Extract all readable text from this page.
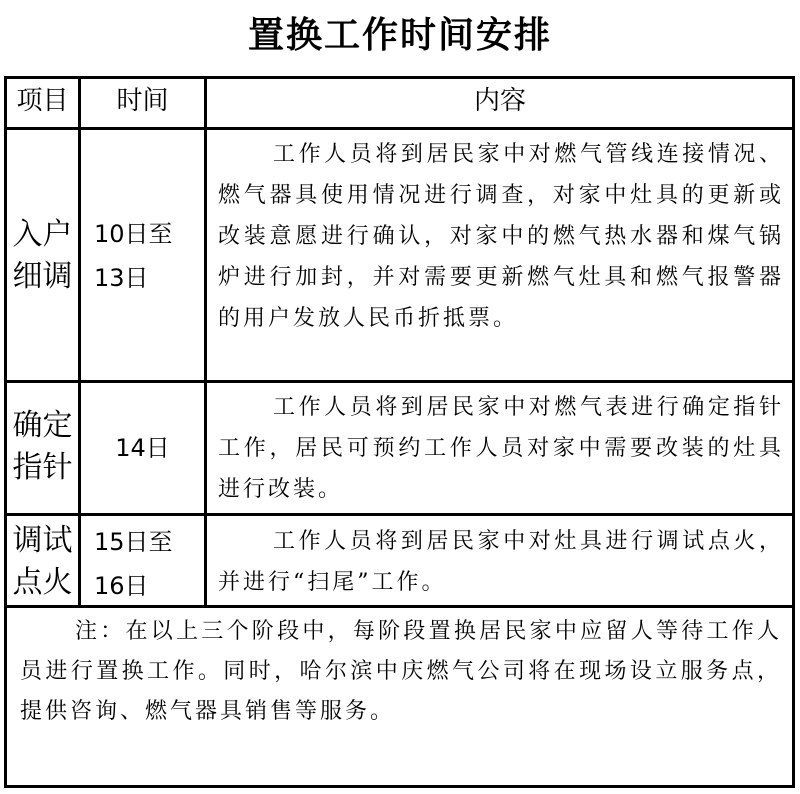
置换工作时间安排
项目	时间	内容
入户
细调
10日至
13日
工作人员将到居民家中对燃气管线连接情况、燃气器具使用情况进行调查，对家中灶具的更新或改装意愿进行确认，对家中的燃气热水器和煤气锅炉进行加封，并对需要更新燃气灶具和燃气报警器的用户发放人民币折抵票。
确定
指针
14日
工作人员将到居民家中对燃气表进行确定指针工作，居民可预约工作人员对家中需要改装的灶具进行改装。
调试
点火
15日至
16日
工作人员将到居民家中对灶具进行调试点火，并进行“扫尾”工作。
注：在以上三个阶段中，每阶段置换居民家中应留人等待工作人员进行置换工作。同时，哈尔滨中庆燃气公司将在现场设立服务点，提供咨询、燃气器具销售等服务。
